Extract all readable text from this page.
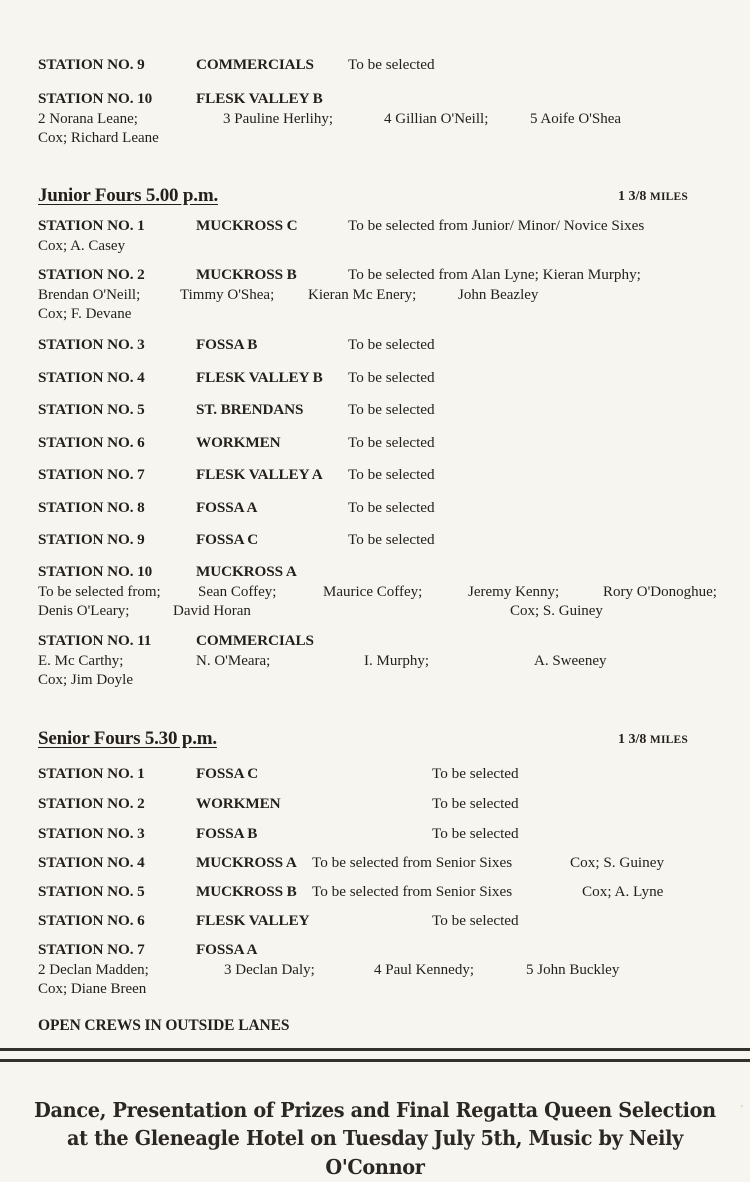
STATION NO. 9	COMMERCIALS To be selected
STATION NO. 10	FLESK VALLEY B
2 Norana Leane;	3 Pauline Herlihy;	4 Gillian O'Neill;	5 Aoife O'Shea
Cox; Richard Leane
Junior Fours 5.00 p.m.	1 3/8 MILES
STATION NO. 1	MUCKROSS C	To be selected from Junior/ Minor/ Novice Sixes
Cox; A. Casey
STATION NO. 2	MUCKROSS B	To be selected from Alan Lyne; Kieran Murphy;
Brendan O'Neill;	Timmy O'Shea; Kieran Mc Enery;	John Beazley
Cox; F. Devane
STATION NO. 3	FOSSA B	To be selected
STATION NO. 4	FLESK VALLEY B To be selected
STATION NO. 5	ST. BRENDANS	To be selected
STATION NO. 6	WORKMEN	To be selected
STATION NO. 7	FLESK VALLEY A To be selected
STATION NO. 8	FOSSA A	To be selected
STATION NO. 9	FOSSA C	To be selected
STATION NO. 10	MUCKROSS A
To be selected from; Sean Coffey;	Maurice Coffey;	Jeremy Kenny;	Rory O'Donoghue;
Denis O'Leary;	David Horan	Cox; S. Guiney
STATION NO. 11	COMMERCIALS
E. Mc Carthy;	N. O'Meara;	I. Murphy;	A. Sweeney
Cox; Jim Doyle
Senior Fours 5.30 p.m.	1 3/8 MILES
STATION NO. 1	FOSSA C	To be selected
STATION NO. 2	WORKMEN	To be selected
STATION NO. 3	FOSSA B	To be selected
STATION NO. 4	MUCKROSS A To be selected from Senior Sixes	Cox; S. Guiney
STATION NO. 5	MUCKROSS B To be selected from Senior Sixes	Cox; A. Lyne
STATION NO. 6	FLESK VALLEY	To be selected
STATION NO. 7	FOSSA A
2 Declan Madden;	3 Declan Daly;	4 Paul Kennedy;	5 John Buckley
Cox; Diane Breen
OPEN CREWS IN OUTSIDE LANES
Dance, Presentation of Prizes and Final Regatta Queen Selection
at the Gleneagle Hotel on Tuesday July 5th, Music by Neily O'Connor
′
